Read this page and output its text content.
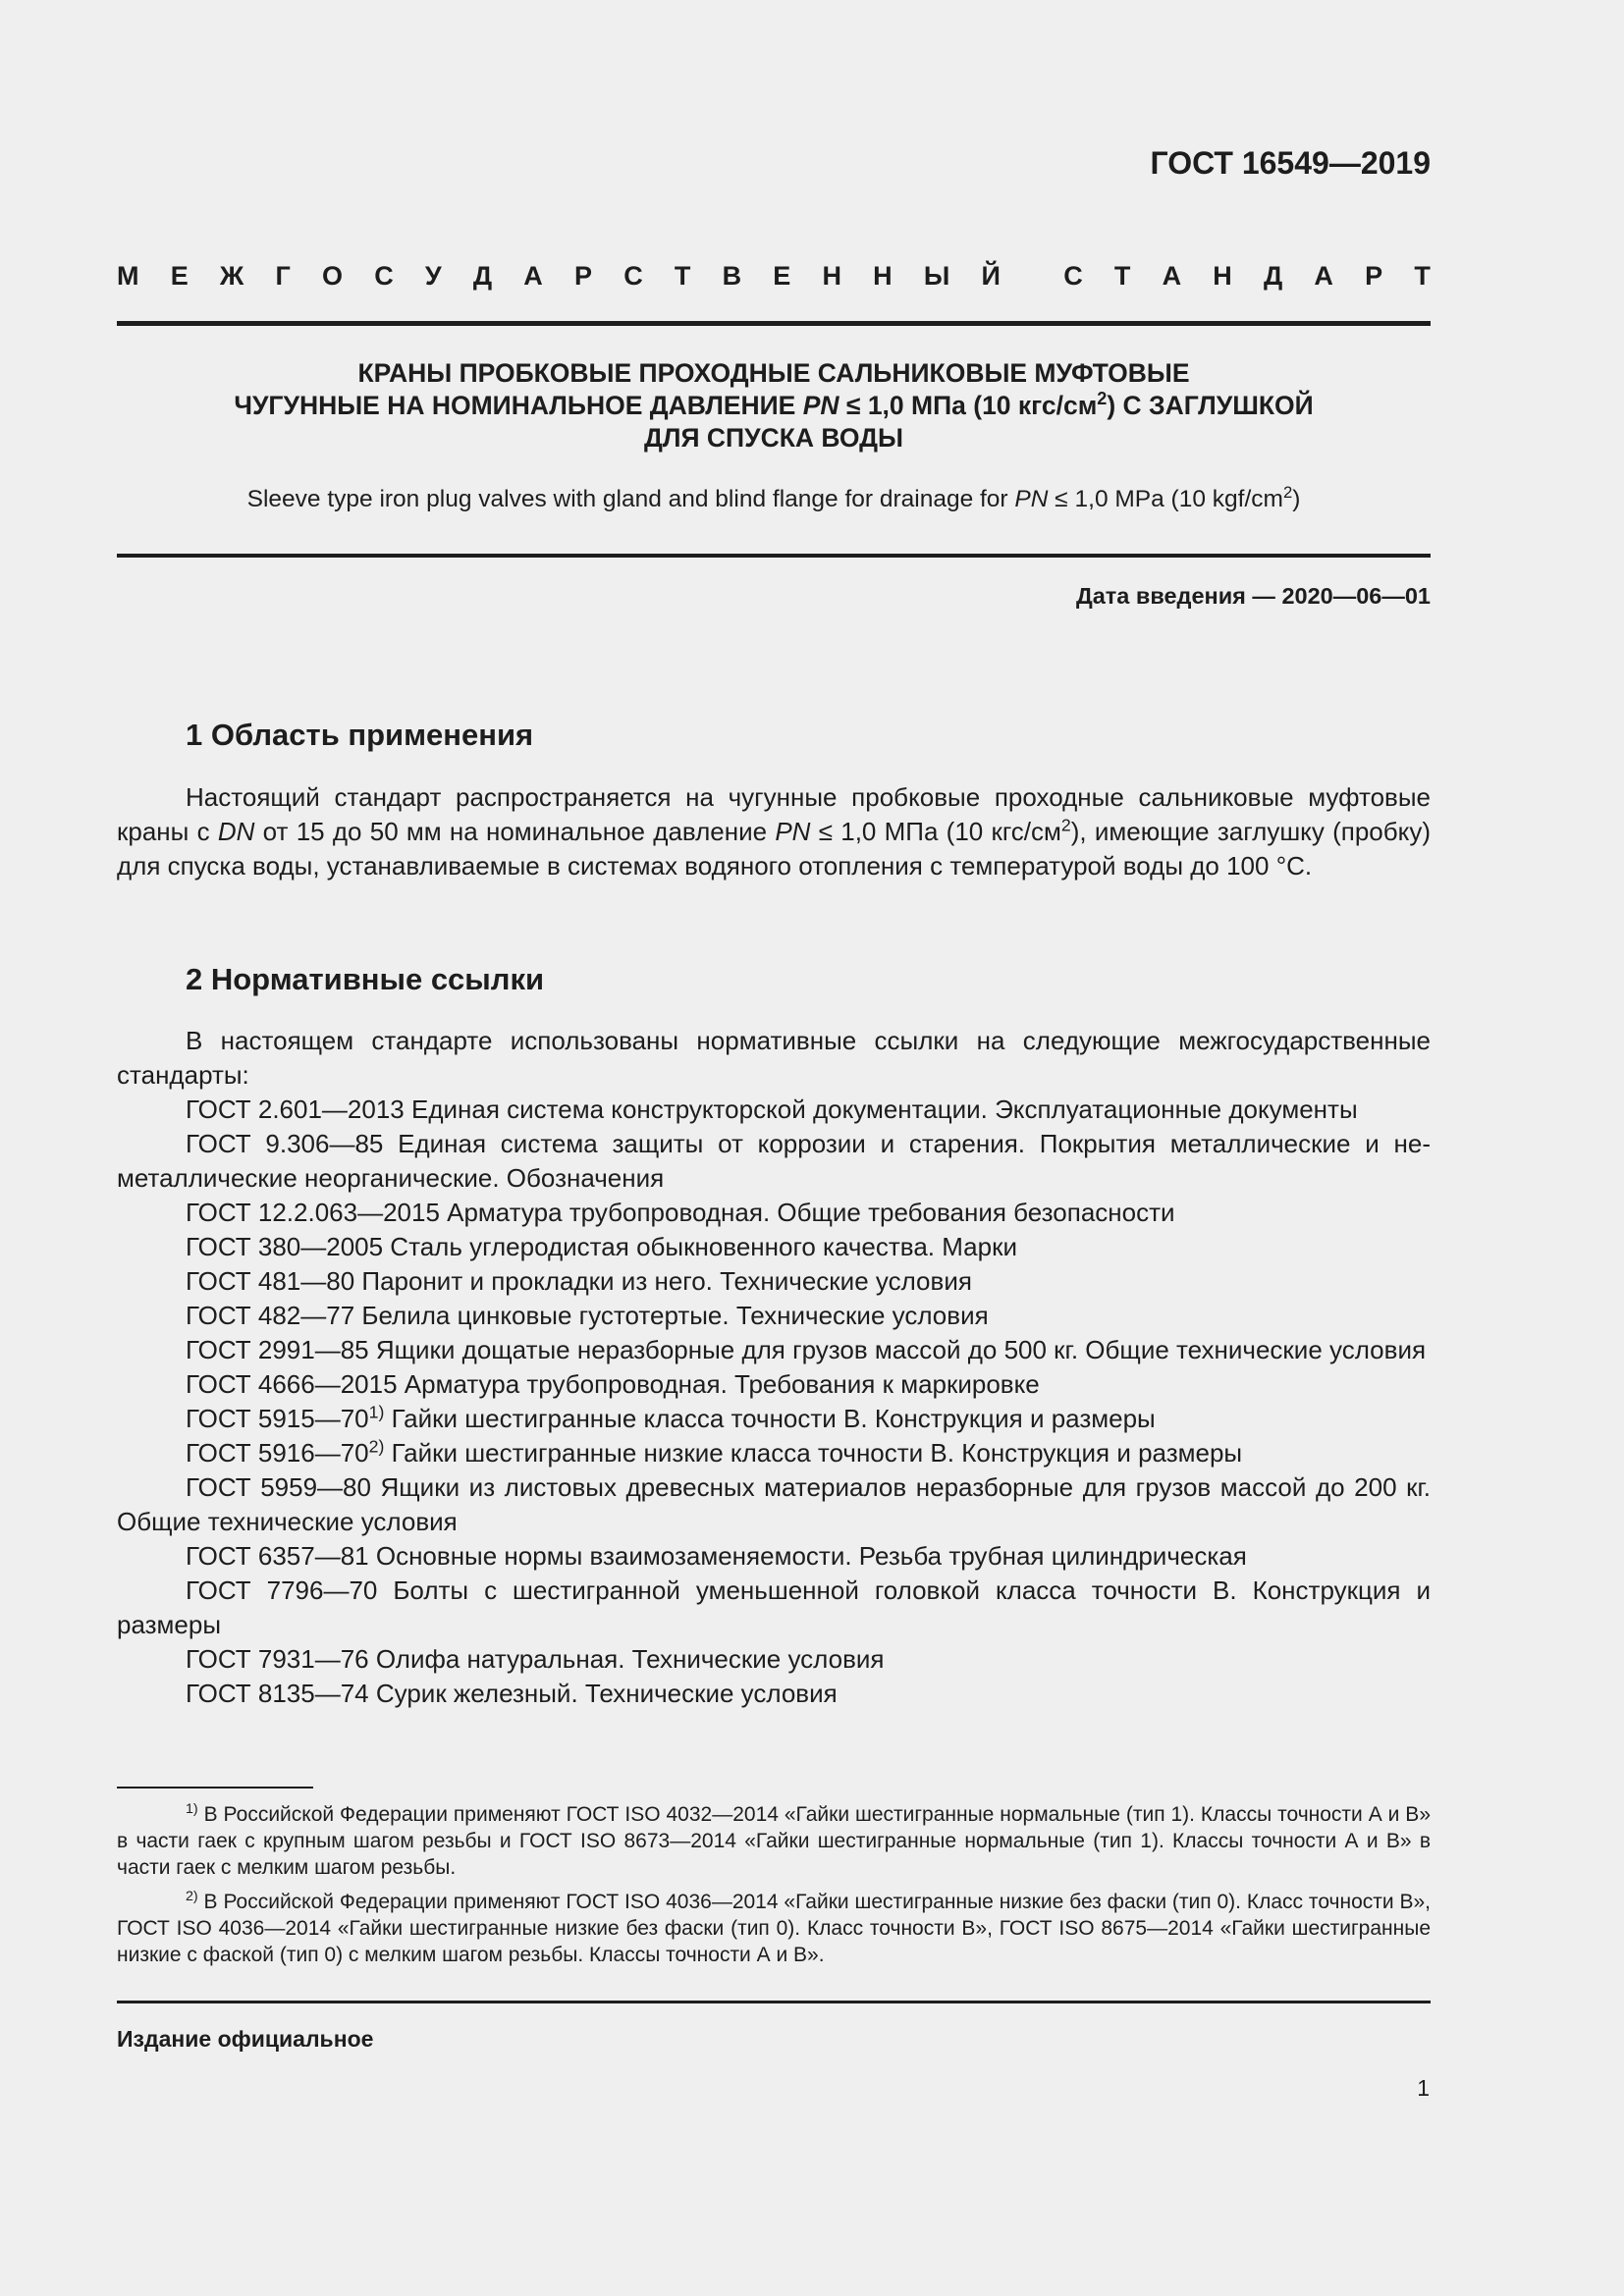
ГОСТ 16549—2019
М Е Ж Г О С У Д А Р С Т В Е Н Н Ы Й С Т А Н Д А Р Т
КРАНЫ ПРОБКОВЫЕ ПРОХОДНЫЕ САЛЬНИКОВЫЕ МУФТОВЫЕ
ЧУГУННЫЕ НА НОМИНАЛЬНОЕ ДАВЛЕНИЕ PN ≤ 1,0 МПа (10 кгс/$см^2$) С ЗАГЛУШКОЙ
ДЛЯ СПУСКА ВОДЫ
Sleeve type iron plug valves with gland and blind flange for drainage for PN ≤ 1,0 MPa (10 kgf/$cm^2$)
Дата введения — 2020—06—01
1 Область применения
Настоящий стандарт распространяется на чугунные пробковые проходные сальниковые муфтовые краны с DN от 15 до 50 мм на номинальное давление PN ≤ 1,0 МПа (10 кгс/$см^2$), имеющие заглушку (пробку) для спуска воды, устанавливаемые в системах водяного отопления с температурой воды до 100 °С.
2 Нормативные ссылки
В настоящем стандарте использованы нормативные ссылки на следующие межгосударственные стандарты:
ГОСТ 2.601—2013 Единая система конструкторской документации. Эксплуатационные документы
ГОСТ 9.306—85 Единая система защиты от коррозии и старения. Покрытия металлические и неметаллические неорганические. Обозначения
ГОСТ 12.2.063—2015 Арматура трубопроводная. Общие требования безопасности
ГОСТ 380—2005 Сталь углеродистая обыкновенного качества. Марки
ГОСТ 481—80 Паронит и прокладки из него. Технические условия
ГОСТ 482—77 Белила цинковые густотертые. Технические условия
ГОСТ 2991—85 Ящики дощатые неразборные для грузов массой до 500 кг. Общие технические условия
ГОСТ 4666—2015 Арматура трубопроводная. Требования к маркировке
ГОСТ 5915—70$^{1)}$ Гайки шестигранные класса точности В. Конструкция и размеры
ГОСТ 5916—70$^{2)}$ Гайки шестигранные низкие класса точности В. Конструкция и размеры
ГОСТ 5959—80 Ящики из листовых древесных материалов неразборные для грузов массой до 200 кг. Общие технические условия
ГОСТ 6357—81 Основные нормы взаимозаменяемости. Резьба трубная цилиндрическая
ГОСТ 7796—70 Болты с шестигранной уменьшенной головкой класса точности В. Конструкция и размеры
ГОСТ 7931—76 Олифа натуральная. Технические условия
ГОСТ 8135—74 Сурик железный. Технические условия
$^{1)}$ В Российской Федерации применяют ГОСТ ISO 4032—2014 «Гайки шестигранные нормальные (тип 1). Классы точности А и В» в части гаек с крупным шагом резьбы и ГОСТ ISO 8673—2014 «Гайки шестигранные нормальные (тип 1). Классы точности А и В» в части гаек с мелким шагом резьбы.
$^{2)}$ В Российской Федерации применяют ГОСТ ISO 4036—2014 «Гайки шестигранные низкие без фаски (тип 0). Класс точности В», ГОСТ ISO 4036—2014 «Гайки шестигранные низкие без фаски (тип 0). Класс точности В», ГОСТ ISO 8675—2014 «Гайки шестигранные низкие с фаской (тип 0) с мелким шагом резьбы. Классы точности А и В».
Издание официальное
1
